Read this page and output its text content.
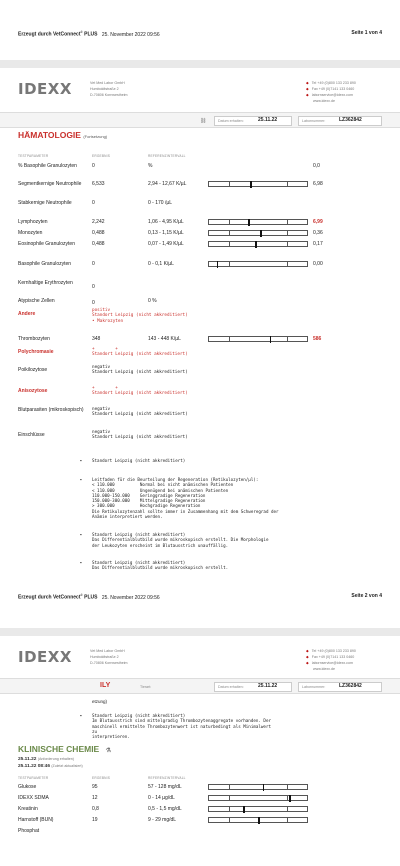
Erzeugt durch VetConnect© PLUS 25. November 2022 09:56	Seite 1 von 4
IDEXX	Vet Med Labor GmbH
Humboldtstraße 2
D-70806 Kornwestheim
◆ Tel +49 (0)800 133 233 890
◆ Fax +49 (0)7141 133 0460
◆ labornservice@idexx.com
www.idexx.de
⛓	Datum erhalten:	25.11.22	Labornummer:	LZ362842
HÄMATOLOGIE (Fortsetzung)
TESTPARAMETER	ERGEBNIS	REFERENZINTERVALL
% Basophile Granulozyten	0	%	0,0
Segmentkernige Neutrophile	6,533	2,94 - 12,67 K/µL	6,98
Stabkernige Neutrophile	0	0 - 170 /µL
Lymphozyten	2,242	1,06 - 4,95 K/µL	6,99
Monozyten	0,488	0,13 - 1,15 K/µL	0,36
Eosinophile Granulozyten	0,488	0,07 - 1,49 K/µL	0,17
Basophile Granulozyten	0	0 - 0,1 K/µL	0,00
Kernhaltige Erythrozyten
0
Atypische Zellen	0	0 %
Andere
positiv
Standort Leipzig (nicht akkreditiert)
• Makrozyten
Thrombozyten	348	143 - 448 K/µL	586
Polychromasie	+        +
Standort Leipzig (nicht akkreditiert)
Poikilozytose	negativ
Standort Leipzig (nicht akkreditiert)
Anisozytose	+        +
Standort Leipzig (nicht akkreditiert)
Blutparasiten (mikroskopisch)	negativ
Standort Leipzig (nicht akkreditiert)
Einschlüsse	negativ
Standort Leipzig (nicht akkreditiert)
▪ Standort Leipzig (nicht akkreditiert)
▪ Leitfaden für die Beurteilung der Regeneration (Retikulozyten/µl):
< 110.000          Normal bei nicht anämischen Patienten
< 110.000          Ungenügend bei anämischen Patienten
110.000-150.000    Geringgradige Regeneration
150.000-300.000    Mittelgradige Regeneration
> 300.000          Hochgradige Regeneration
Die Retikulozytenzahl sollte immer in Zusammenhang mit dem Schweregrad der
Anämie interpretiert werden.
▪ Standort Leipzig (nicht akkreditiert)
Das Differentialblutbild wurde mikroskopisch erstellt. Die Morphologie
der Leukozyten erscheint im Blutausstrich unauffällig.
▪ Standort Leipzig (nicht akkreditiert)
Das Differentialblutbild wurde mikroskopisch erstellt.
Erzeugt durch VetConnect© PLUS 25. November 2022 09:56	Seite 2 von 4
IDEXX	Vet Med Labor GmbH
Humboldtstraße 2
D-70806 Kornwestheim
◆ Tel +49 (0)800 133 233 890
◆ Fax +49 (0)7141 133 0460
◆ labornservice@idexx.com
www.idexx.de
ILY	Tierart:	Datum erhalten:	25.11.22	Labornummer:	LZ362842
etzung)
▪ Standort Leipzig (nicht akkreditiert)
Im Blutausstrich sind mittelgradig Thrombozytenaggregate vorhanden. Der
maschinell ermittelte Thrombozytenwert ist naturbedingt als Minimalwert
zu
interpretieren.
KLINISCHE CHEMIE ⚗
25.11.22 (Anforderung erhalten)
25.11.22 08:46 (Zuletzt aktualisiert)
TESTPARAMETER	ERGEBNIS	REFERENZINTERVALL
Glukose	95	57 - 128 mg/dL
IDEXX SDMA	12	0 - 14 µg/dL
Kreatinin	0,8	0,5 - 1,5 mg/dL
Harnstoff (BUN)	19	9 - 29 mg/dL
Phosphat
